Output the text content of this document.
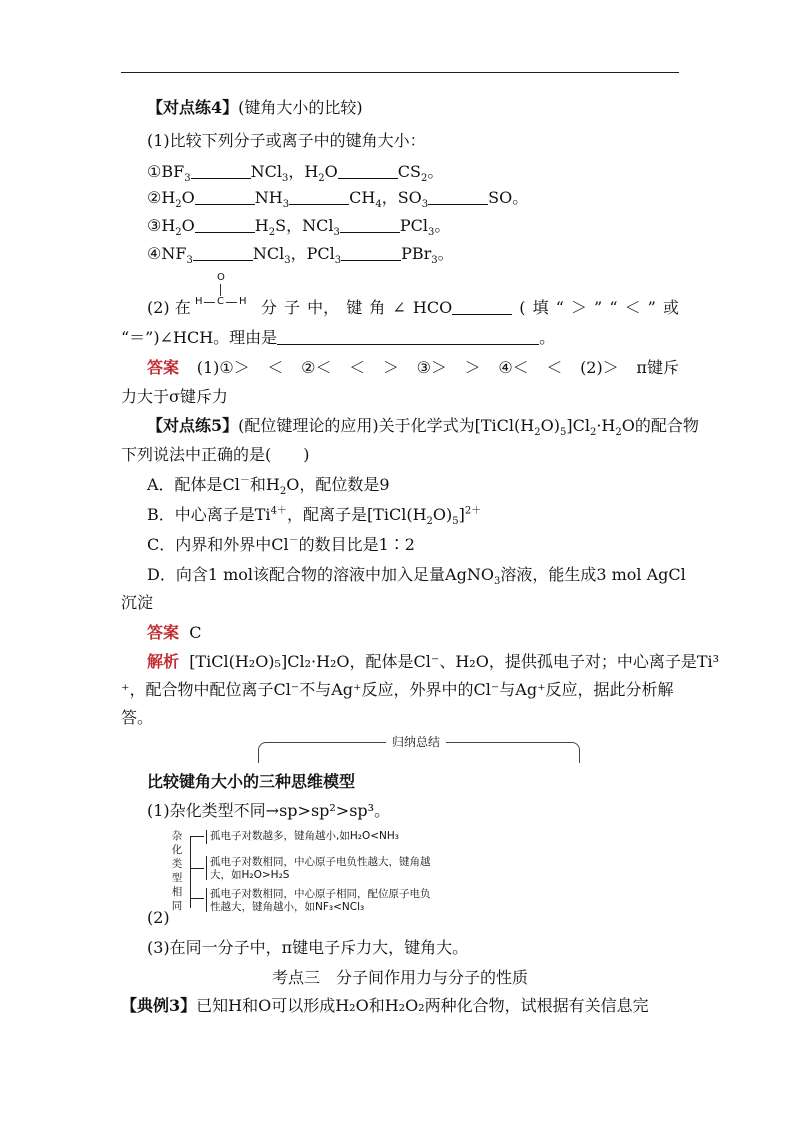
【对点练4】(键角大小的比较)
(1)比较下列分子或离子中的键角大小：
$①BF_3$	NCl$_3$，$H_2O$	$CS_2$。
$②H_2O$	$NH_3$	$CH_4$，$SO_3$	SO。
$③H_2O$	$H_2S$，NCl$_3$	PCl$_3$。
$④NF_3$	NCl$_3$，PCl$_3$	PBr$_3$。
O
H C H
(2) 在	分 子 中， 键 角 ∠ HCO	( 填 “ ＞ ” “ ＜ ” 或
“＝”)∠HCH。理由是	。
答案 (1)①＞ ＜ ②＜ ＜ ＞ ③＞ ＞ ④＜ ＜ (2)＞ π键斥
力大于σ键斥力
【对点练5】(配位键理论的应用)关于化学式为$[TiCl(H_2O)_5]Cl_2\cdot H_2O$的配合物
下列说法中正确的是(　　)
A．配体是Cl－和$H_2O$，配位数是9
B．中心离子是$Ti^{4+}$，配离子是$[TiCl(H_2O)_5]^{2+}$
C．内界和外界中Cl－的数目比是1∶2
D．向含1 mol该配合物的溶液中加入足量AgNO$_3$溶液，能生成3 mol AgCl
沉淀
答案 C
解析 [TiCl(H₂O)₅]Cl₂·H₂O，配体是Cl⁻、H₂O，提供孤电子对；中心离子是Ti³
⁺，配合物中配位离子Cl⁻不与Ag⁺反应，外界中的Cl⁻与Ag⁺反应，据此分析解
答。
归纳总结
比较键角大小的三种思维模型
(1)杂化类型不同→sp>sp²>sp³。
杂
化
类
型
相
同
孤电子对数越多，键角越小,如H₂O<NH₃
孤电子对数相同，中心原子电负性越大，键角越
大，如H₂O>H₂S
孤电子对数相同，中心原子相同，配位原子电负
性越大，键角越小，如NF₃<NCl₃
(2)
(3)在同一分子中，π键电子斥力大，键角大。
考点三　分子间作用力与分子的性质
【典例3】已知H和O可以形成H₂O和H₂O₂两种化合物，试根据有关信息完
